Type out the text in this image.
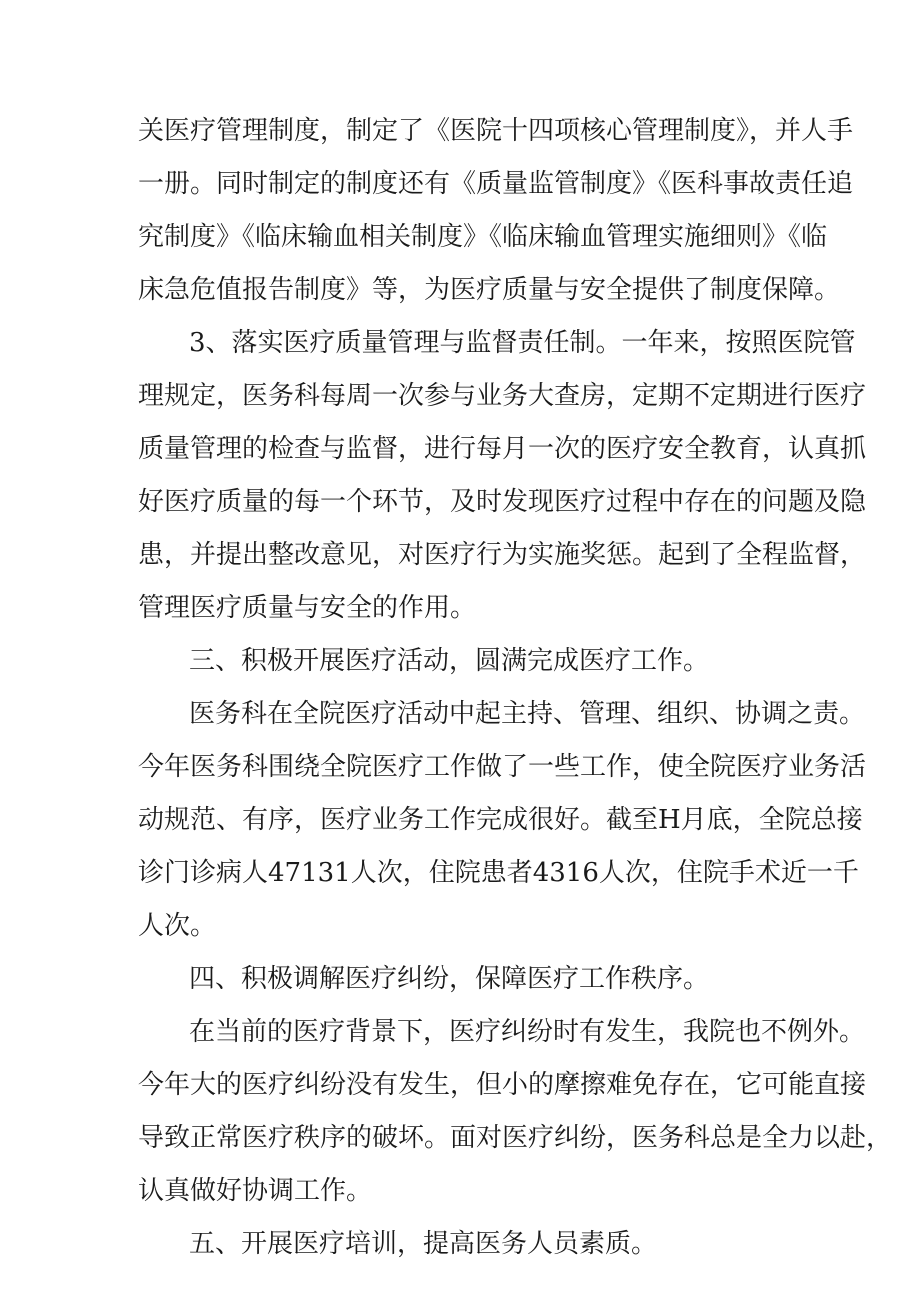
关医疗管理制度，制定了《医院十四项核心管理制度》，并人手
一册。同时制定的制度还有《质量监管制度》《医科事故责任追
究制度》《临床输血相关制度》《临床输血管理实施细则》《临
床急危值报告制度》等，为医疗质量与安全提供了制度保障。
3、落实医疗质量管理与监督责任制。一年来，按照医院管
理规定，医务科每周一次参与业务大查房，定期不定期进行医疗
质量管理的检查与监督，进行每月一次的医疗安全教育，认真抓
好医疗质量的每一个环节，及时发现医疗过程中存在的问题及隐
患，并提出整改意见，对医疗行为实施奖惩。起到了全程监督，
管理医疗质量与安全的作用。
三、积极开展医疗活动，圆满完成医疗工作。
医务科在全院医疗活动中起主持、管理、组织、协调之责。
今年医务科围绕全院医疗工作做了一些工作，使全院医疗业务活
动规范、有序，医疗业务工作完成很好。截至H月底，全院总接
诊门诊病人47131人次，住院患者4316人次，住院手术近一千
人次。
四、积极调解医疗纠纷，保障医疗工作秩序。
在当前的医疗背景下，医疗纠纷时有发生，我院也不例外。
今年大的医疗纠纷没有发生，但小的摩擦难免存在，它可能直接
导致正常医疗秩序的破坏。面对医疗纠纷，医务科总是全力以赴，
认真做好协调工作。
五、开展医疗培训，提高医务人员素质。
